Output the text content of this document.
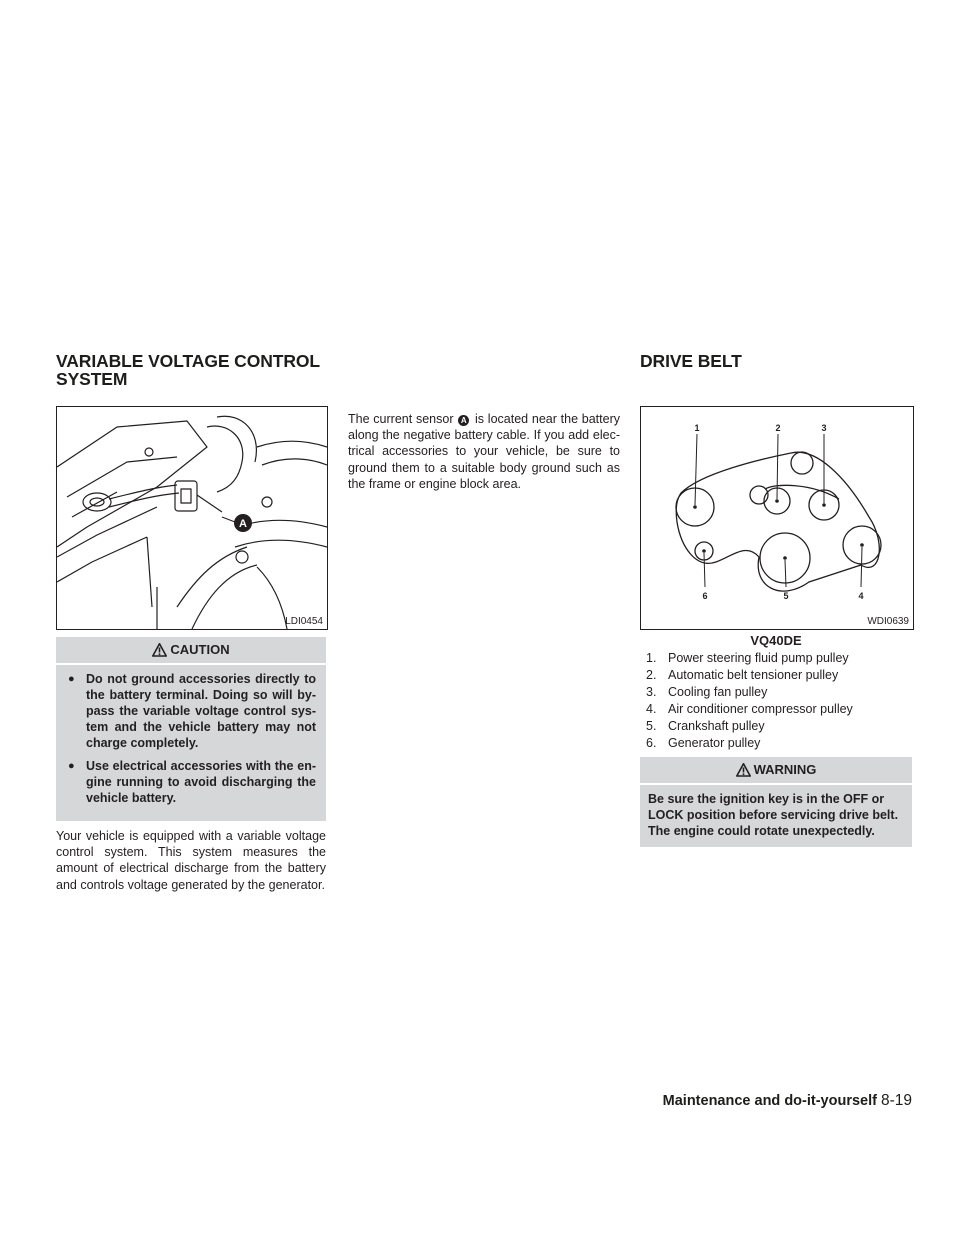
VARIABLE VOLTAGE CONTROL
SYSTEM
DRIVE BELT
A
LDI0454
CAUTION
● Do not ground accessories directly to the battery terminal. Doing so will by-pass the variable voltage control sys-tem and the vehicle battery may not charge completely.
● Use electrical accessories with the en-gine running to avoid discharging the vehicle battery.

Your vehicle is equipped with a variable voltage control system. This system measures the amount of electrical discharge from the battery and controls voltage generated by the generator.

The current sensor A is located near the battery along the negative battery cable. If you add elec-trical accessories to your vehicle, be sure to ground them to a suitable body ground such as the frame or engine block area.

1	2	3
4
5
6
WDI0639
VQ40DE
1. Power steering fluid pump pulley
2. Automatic belt tensioner pulley
3. Cooling fan pulley
4. Air conditioner compressor pulley
5. Crankshaft pulley
6. Generator pulley
WARNING
Be sure the ignition key is in the OFF or LOCK position before servicing drive belt. The engine could rotate unexpectedly.
Maintenance and do-it-yourself 8-19
